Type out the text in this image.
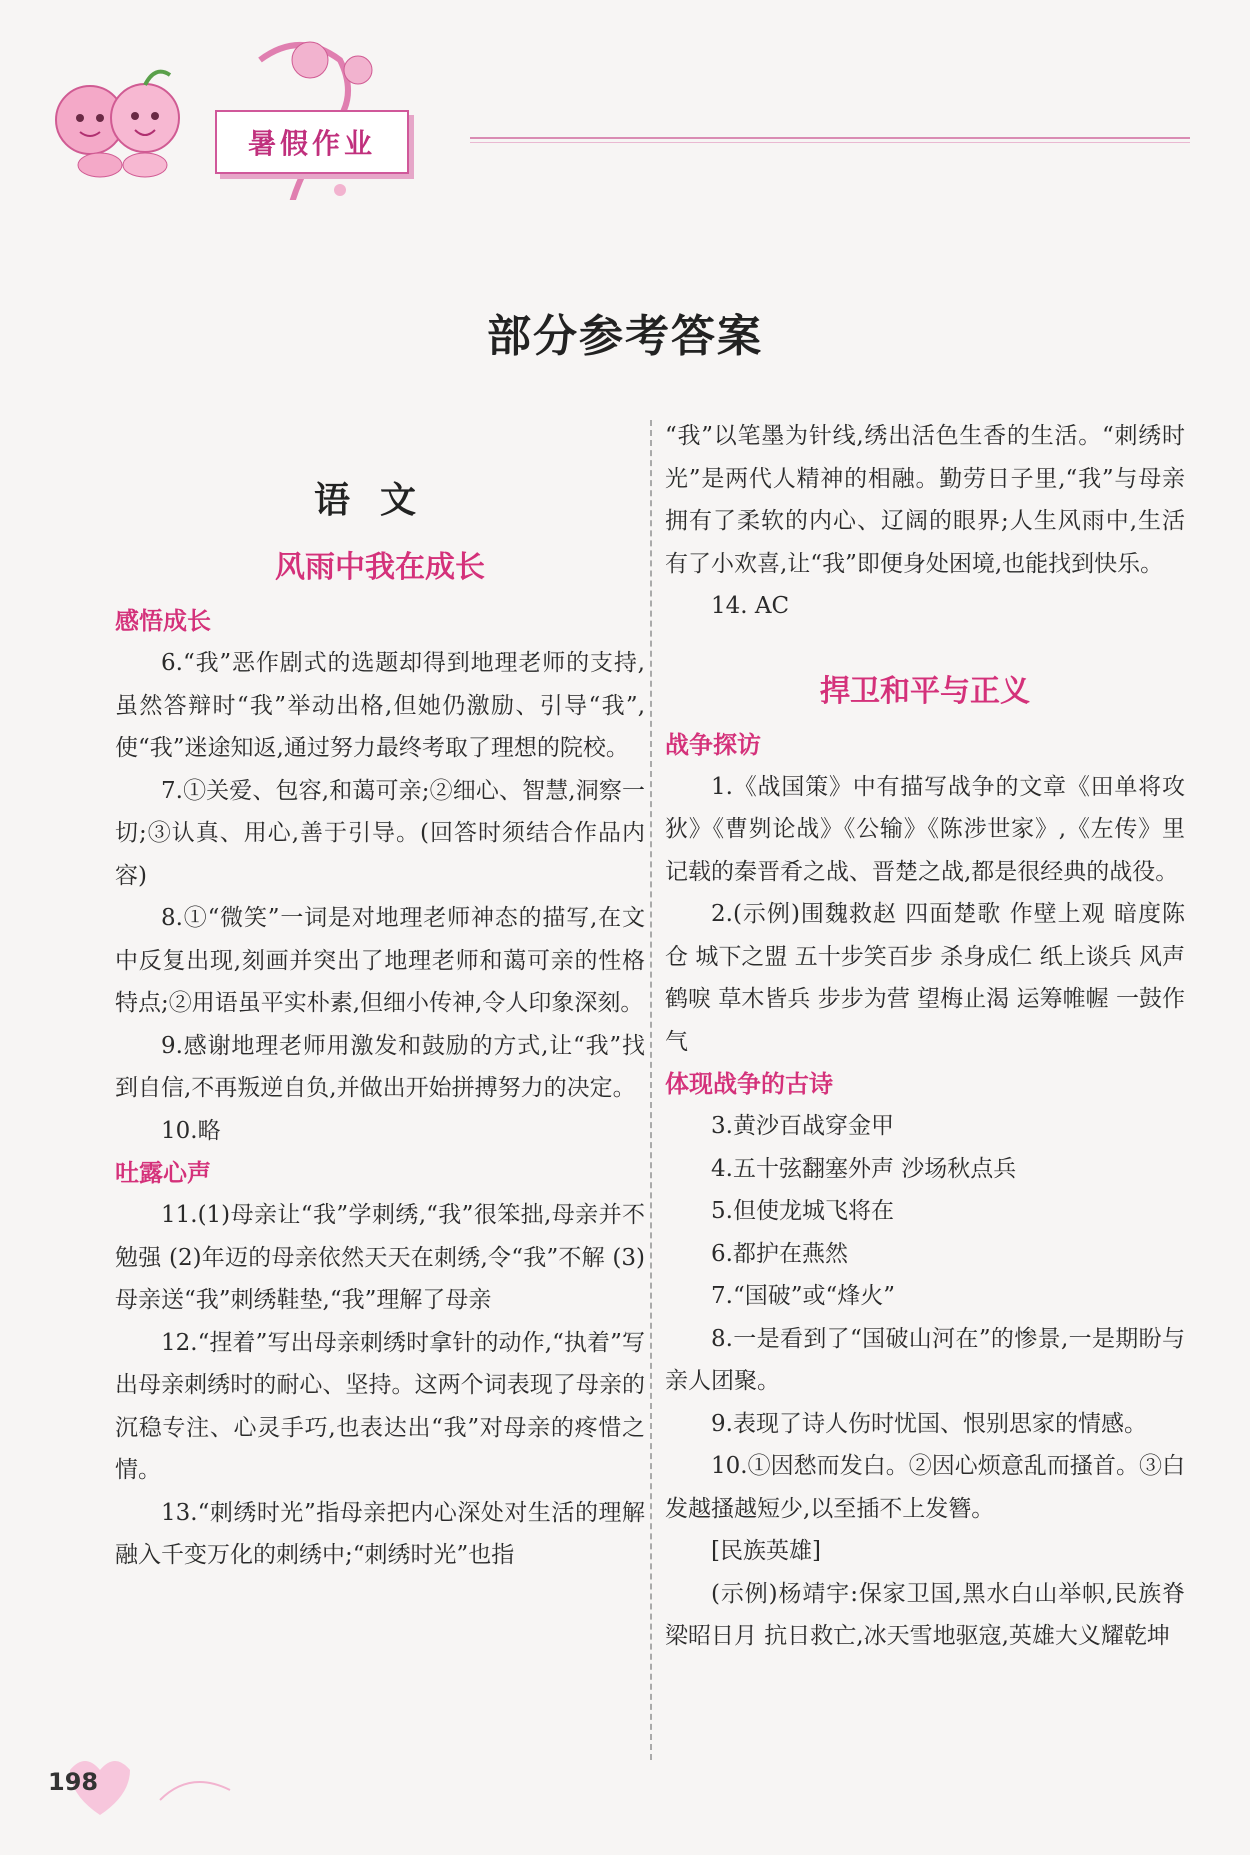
暑假作业
部分参考答案
语文
风雨中我在成长
感悟成长

6.“我”恶作剧式的选题却得到地理老师的支持,虽然答辩时“我”举动出格,但她仍激励、引导“我”,使“我”迷途知返,通过努力最终考取了理想的院校。

7.①关爱、包容,和蔼可亲;②细心、智慧,洞察一切;③认真、用心,善于引导。(回答时须结合作品内容)

8.①“微笑”一词是对地理老师神态的描写,在文中反复出现,刻画并突出了地理老师和蔼可亲的性格特点;②用语虽平实朴素,但细小传神,令人印象深刻。

9.感谢地理老师用激发和鼓励的方式,让“我”找到自信,不再叛逆自负,并做出开始拼搏努力的决定。

10.略

吐露心声

11.(1)母亲让“我”学刺绣,“我”很笨拙,母亲并不勉强 (2)年迈的母亲依然天天在刺绣,令“我”不解 (3)母亲送“我”刺绣鞋垫,“我”理解了母亲

12.“捏着”写出母亲刺绣时拿针的动作,“执着”写出母亲刺绣时的耐心、坚持。这两个词表现了母亲的沉稳专注、心灵手巧,也表达出“我”对母亲的疼惜之情。

13.“刺绣时光”指母亲把内心深处对生活的理解融入千变万化的刺绣中;“刺绣时光”也指

“我”以笔墨为针线,绣出活色生香的生活。“刺绣时光”是两代人精神的相融。勤劳日子里,“我”与母亲拥有了柔软的内心、辽阔的眼界;人生风雨中,生活有了小欢喜,让“我”即便身处困境,也能找到快乐。

14. AC

捍卫和平与正义
战争探访

1.《战国策》中有描写战争的文章《田单将攻狄》《曹刿论战》《公输》《陈涉世家》,《左传》里记载的秦晋肴之战、晋楚之战,都是很经典的战役。

2.(示例)围魏救赵 四面楚歌 作壁上观 暗度陈仓 城下之盟 五十步笑百步 杀身成仁 纸上谈兵 风声鹤唳 草木皆兵 步步为营 望梅止渴 运筹帷幄 一鼓作气

体现战争的古诗

3.黄沙百战穿金甲

4.五十弦翻塞外声 沙场秋点兵

5.但使龙城飞将在

6.都护在燕然

7.“国破”或“烽火”

8.一是看到了“国破山河在”的惨景,一是期盼与亲人团聚。

9.表现了诗人伤时忧国、恨别思家的情感。

10.①因愁而发白。②因心烦意乱而搔首。③白发越搔越短少,以至插不上发簪。

[民族英雄]

(示例)杨靖宇:保家卫国,黑水白山举帜,民族脊梁昭日月 抗日救亡,冰天雪地驱寇,英雄大义耀乾坤

198
